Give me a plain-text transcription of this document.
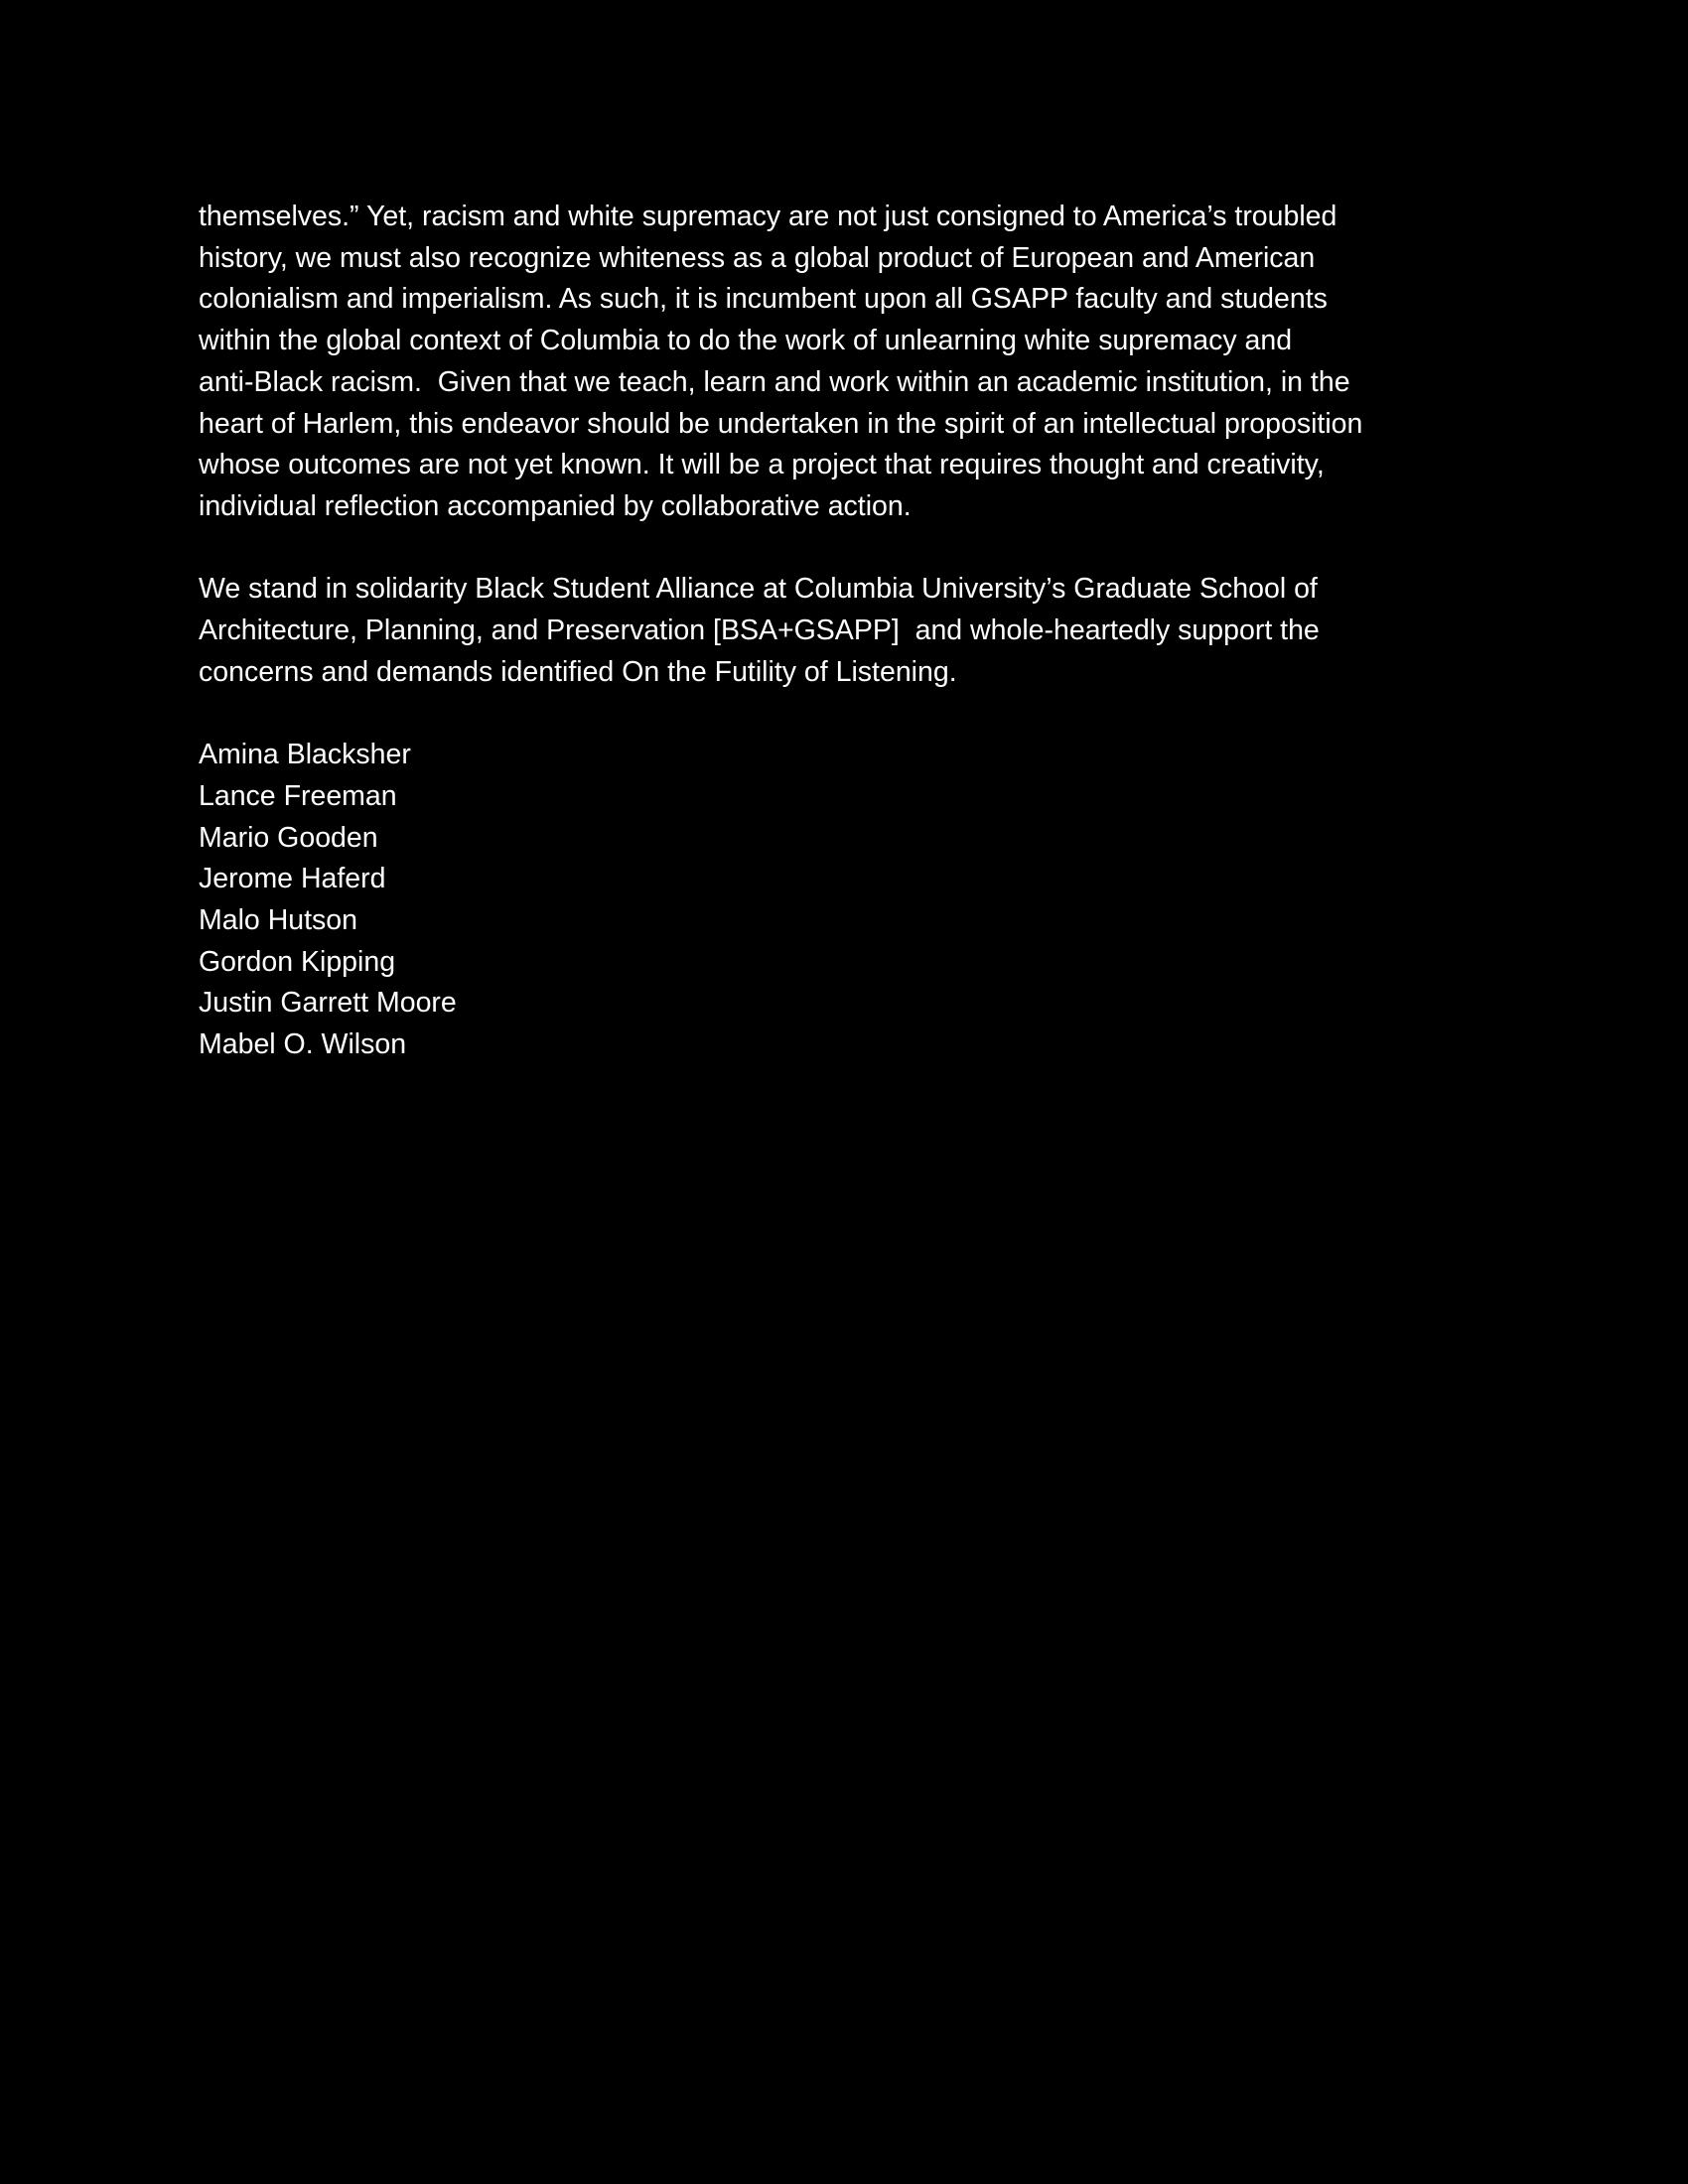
themselves.” Yet, racism and white supremacy are not just consigned to America’s troubled
history, we must also recognize whiteness as a global product of European and American
colonialism and imperialism. As such, it is incumbent upon all GSAPP faculty and students
within the global context of Columbia to do the work of unlearning white supremacy and
anti-Black racism.  Given that we teach, learn and work within an academic institution, in the
heart of Harlem, this endeavor should be undertaken in the spirit of an intellectual proposition
whose outcomes are not yet known. It will be a project that requires thought and creativity,
individual reflection accompanied by collaborative action.
We stand in solidarity Black Student Alliance at Columbia University’s Graduate School of
Architecture, Planning, and Preservation [BSA+GSAPP]  and whole-heartedly support the
concerns and demands identified On the Futility of Listening.
Amina Blacksher
Lance Freeman
Mario Gooden
Jerome Haferd
Malo Hutson
Gordon Kipping
Justin Garrett Moore
Mabel O. Wilson
